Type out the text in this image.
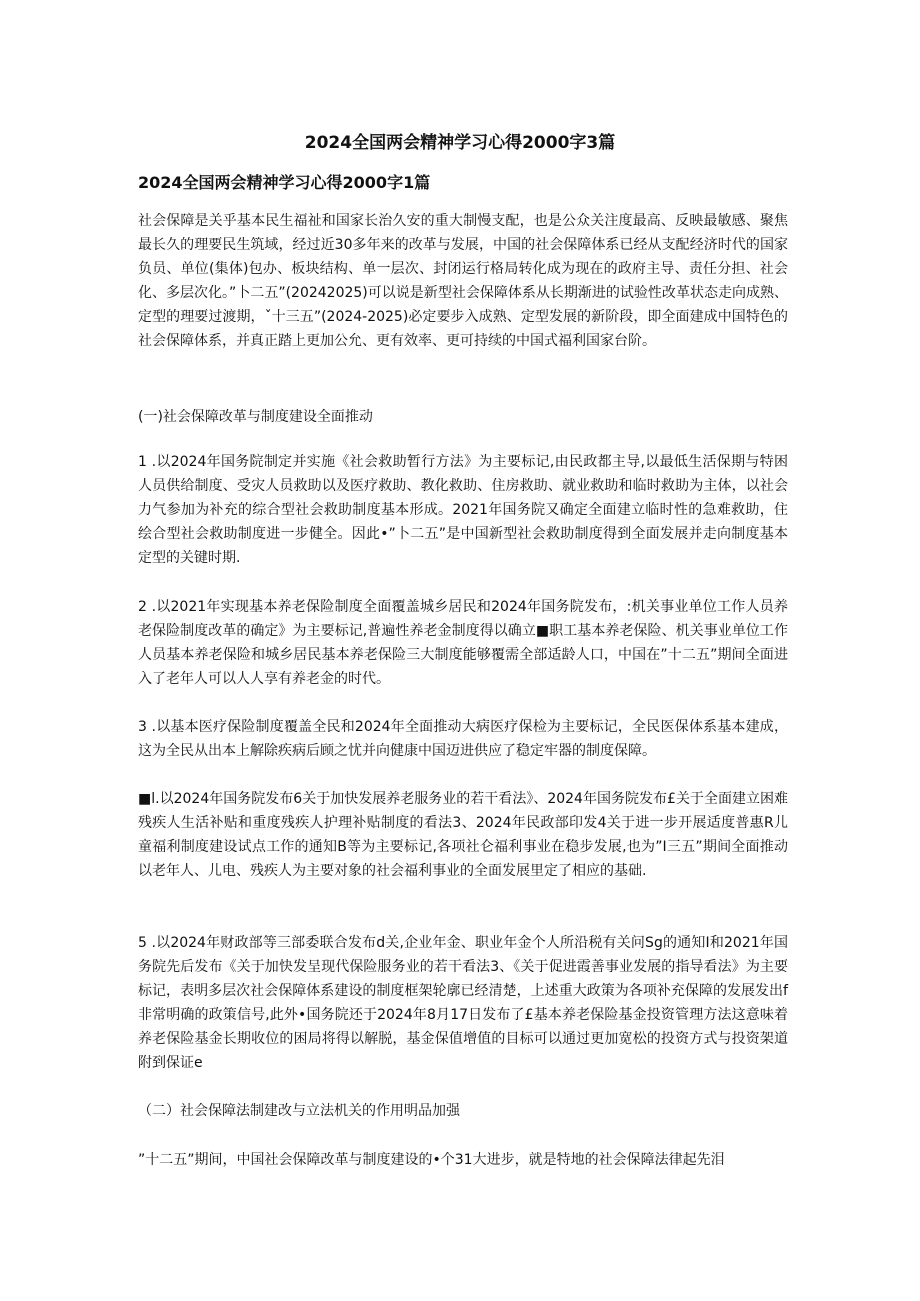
2024全国两会精神学习心得2000字3篇
2024全国两会精神学习心得2000字1篇

社会保障是关乎基本民生福祉和国家长治久安的重大制慢支配，也是公众关注度最高、反映最敏感、聚焦最长久的理要民生筑域，经过近30多年来的改革与发展，中国的社会保障体系已经从支配经济时代的国家负员、单位(集体)包办、板块结构、单一层次、封闭运行格局转化成为现在的政府主导、责任分担、社会化、多层次化。”卜二五”(20242025)可以说是新型社会保障体系从长期渐进的试验性改革状态走向成熟、定型的理要过渡期，ˇ十三五”(2024-2025)必定要步入成熟、定型发展的新阶段，即全面建成中国特色的社会保障体系，并真正踏上更加公允、更有效率、更可持续的中国式福利国家台阶。

(一)社会保障改革与制度建设全面推动

1 .以2024年国务院制定并实施《社会救助暂行方法》为主要标记,由民政都主导,以最低生活保期与特困人员供给制度、受灾人员救助以及医疗救助、教化救助、住房救助、就业救助和临时救助为主体，以社会力气参加为补充的综合型社会救助制度基本形成。2021年国务院又确定全面建立临时性的急难救助，住绘合型社会救助制度进一步健全。因此•”卜二五”是中国新型社会救助制度得到全面发展并走向制度基本定型的关键时期.

2 .以2021年实现基本养老保险制度全面覆盖城乡居民和2024年国务院发布，:机关事业单位工作人员养老保险制度改革的确定》为主要标记,普遍性养老金制度得以确立■职工基本养老保险、机关事业单位工作人员基本养老保险和城乡居民基本养老保险三大制度能够覆需全部适龄人口，中国在”十二五”期间全面进入了老年人可以人人享有养老金的时代。

3 .以基本医疗保险制度覆盖全民和2024年全面推动大病医疗保检为主要标记，全民医保体系基本建成，这为全民从出本上解除疾病后顾之忧并向健康中国迈进供应了稳定牢器的制度保障。

■l.以2024年国务院发布6关于加快发展养老服务业的若干看法》、2024年国务院发布£关于全面建立困难残疾人生活补贴和重度残疾人护理补贴制度的看法3、2024年民政部印发4关于进一步开展适度普惠R儿童福利制度建设试点工作的通知B等为主要标记,各项社仑福利事业在稳步发展,也为”I三五”期间全面推动以老年人、儿电、残疾人为主要对象的社会福利事业的全面发展里定了相应的基础.

5 .以2024年财政部等三部委联合发布d关,企业年金、职业年金个人所沿税有关问Sg的通知I和2021年国务院先后发布《关于加快发呈现代保险服务业的若干看法3、《关于促进霞善事业发展的指导看法》为主要标记，表明多层次社会保障体系建设的制度框架轮廓已经清楚，上述重大政策为各项补充保障的发展发出f非常明确的政策信号,此外•国务院还于2024年8月17日发布了£基本养老保险基金投资管理方法这意味着养老保险基金长期收位的困局将得以解脱，基金保值增值的目标可以通过更加宽松的投资方式与投资架道附到保证e

（二）社会保障法制建改与立法机关的作用明品加强

”十二五”期间，中国社会保障改革与制度建设的•个31大进步，就是特地的社会保障法律起先泪
